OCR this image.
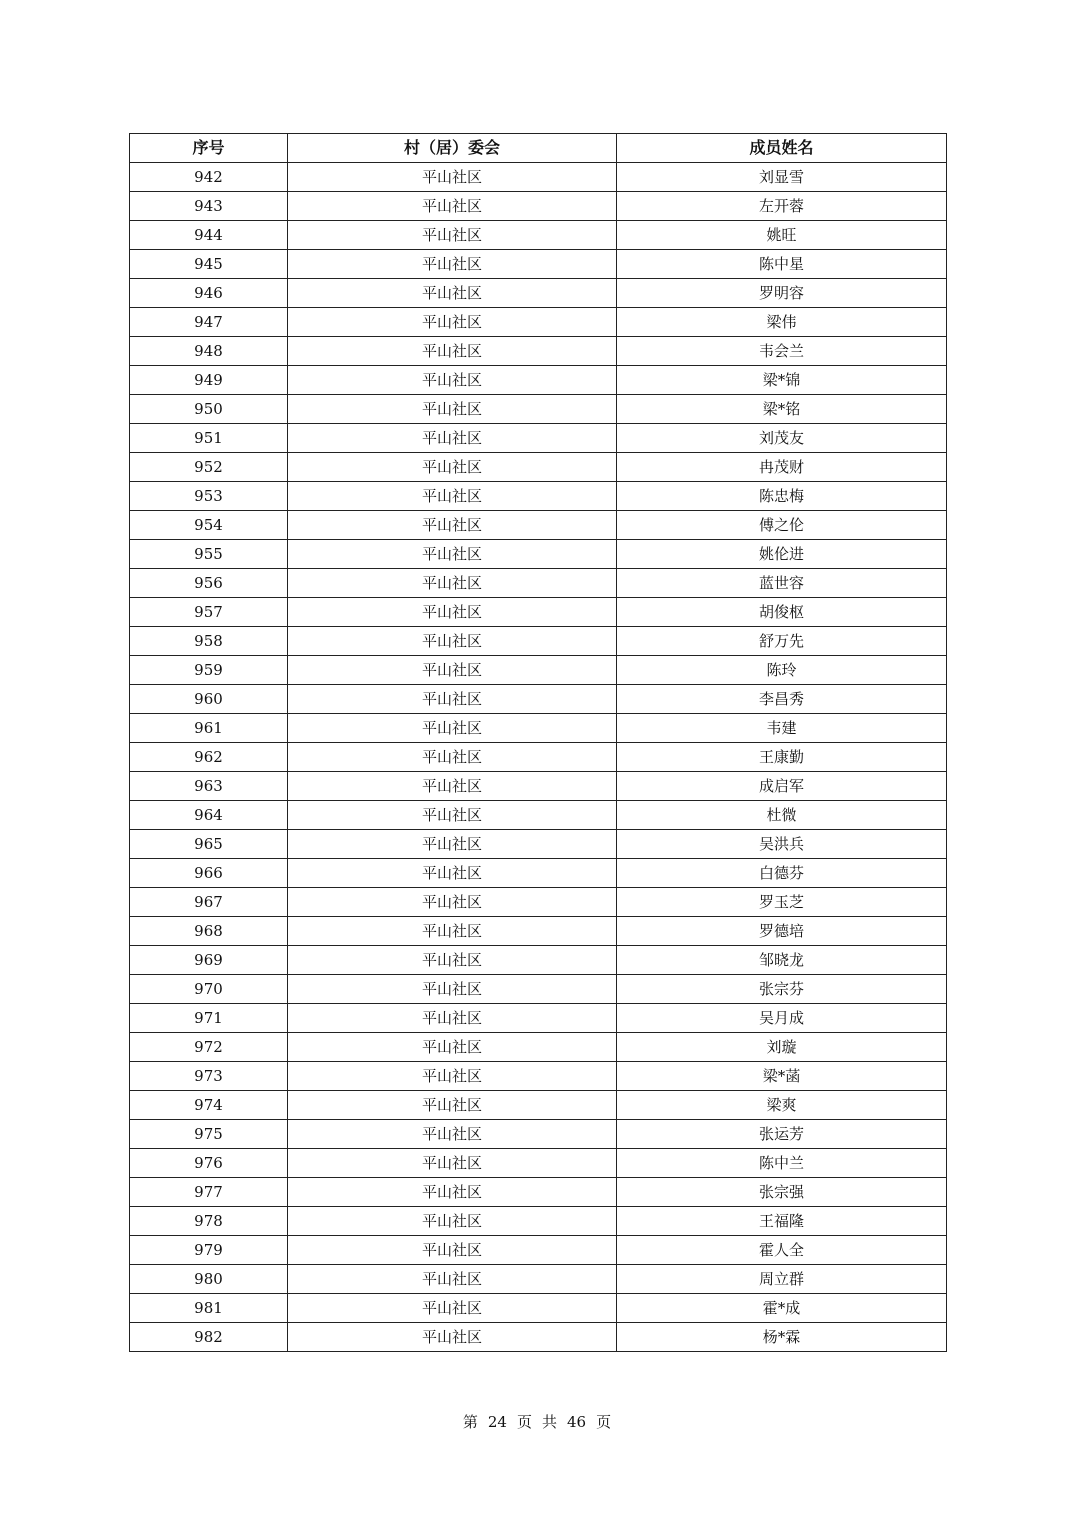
序号	村（居）委会	成员姓名
942	平山社区	刘显雪
943	平山社区	左开蓉
944	平山社区	姚旺
945	平山社区	陈中星
946	平山社区	罗明容
947	平山社区	梁伟
948	平山社区	韦会兰
949	平山社区	梁*锦
950	平山社区	梁*铭
951	平山社区	刘茂友
952	平山社区	冉茂财
953	平山社区	陈忠梅
954	平山社区	傅之伦
955	平山社区	姚伦进
956	平山社区	蓝世容
957	平山社区	胡俊枢
958	平山社区	舒万先
959	平山社区	陈玲
960	平山社区	李昌秀
961	平山社区	韦建
962	平山社区	王康勤
963	平山社区	成启军
964	平山社区	杜微
965	平山社区	吴洪兵
966	平山社区	白德芬
967	平山社区	罗玉芝
968	平山社区	罗德培
969	平山社区	邹晓龙
970	平山社区	张宗芬
971	平山社区	吴月成
972	平山社区	刘璇
973	平山社区	梁*菡
974	平山社区	梁爽
975	平山社区	张运芳
976	平山社区	陈中兰
977	平山社区	张宗强
978	平山社区	王福隆
979	平山社区	霍人全
980	平山社区	周立群
981	平山社区	霍*成
982	平山社区	杨*霖
第 24 页 共 46 页
